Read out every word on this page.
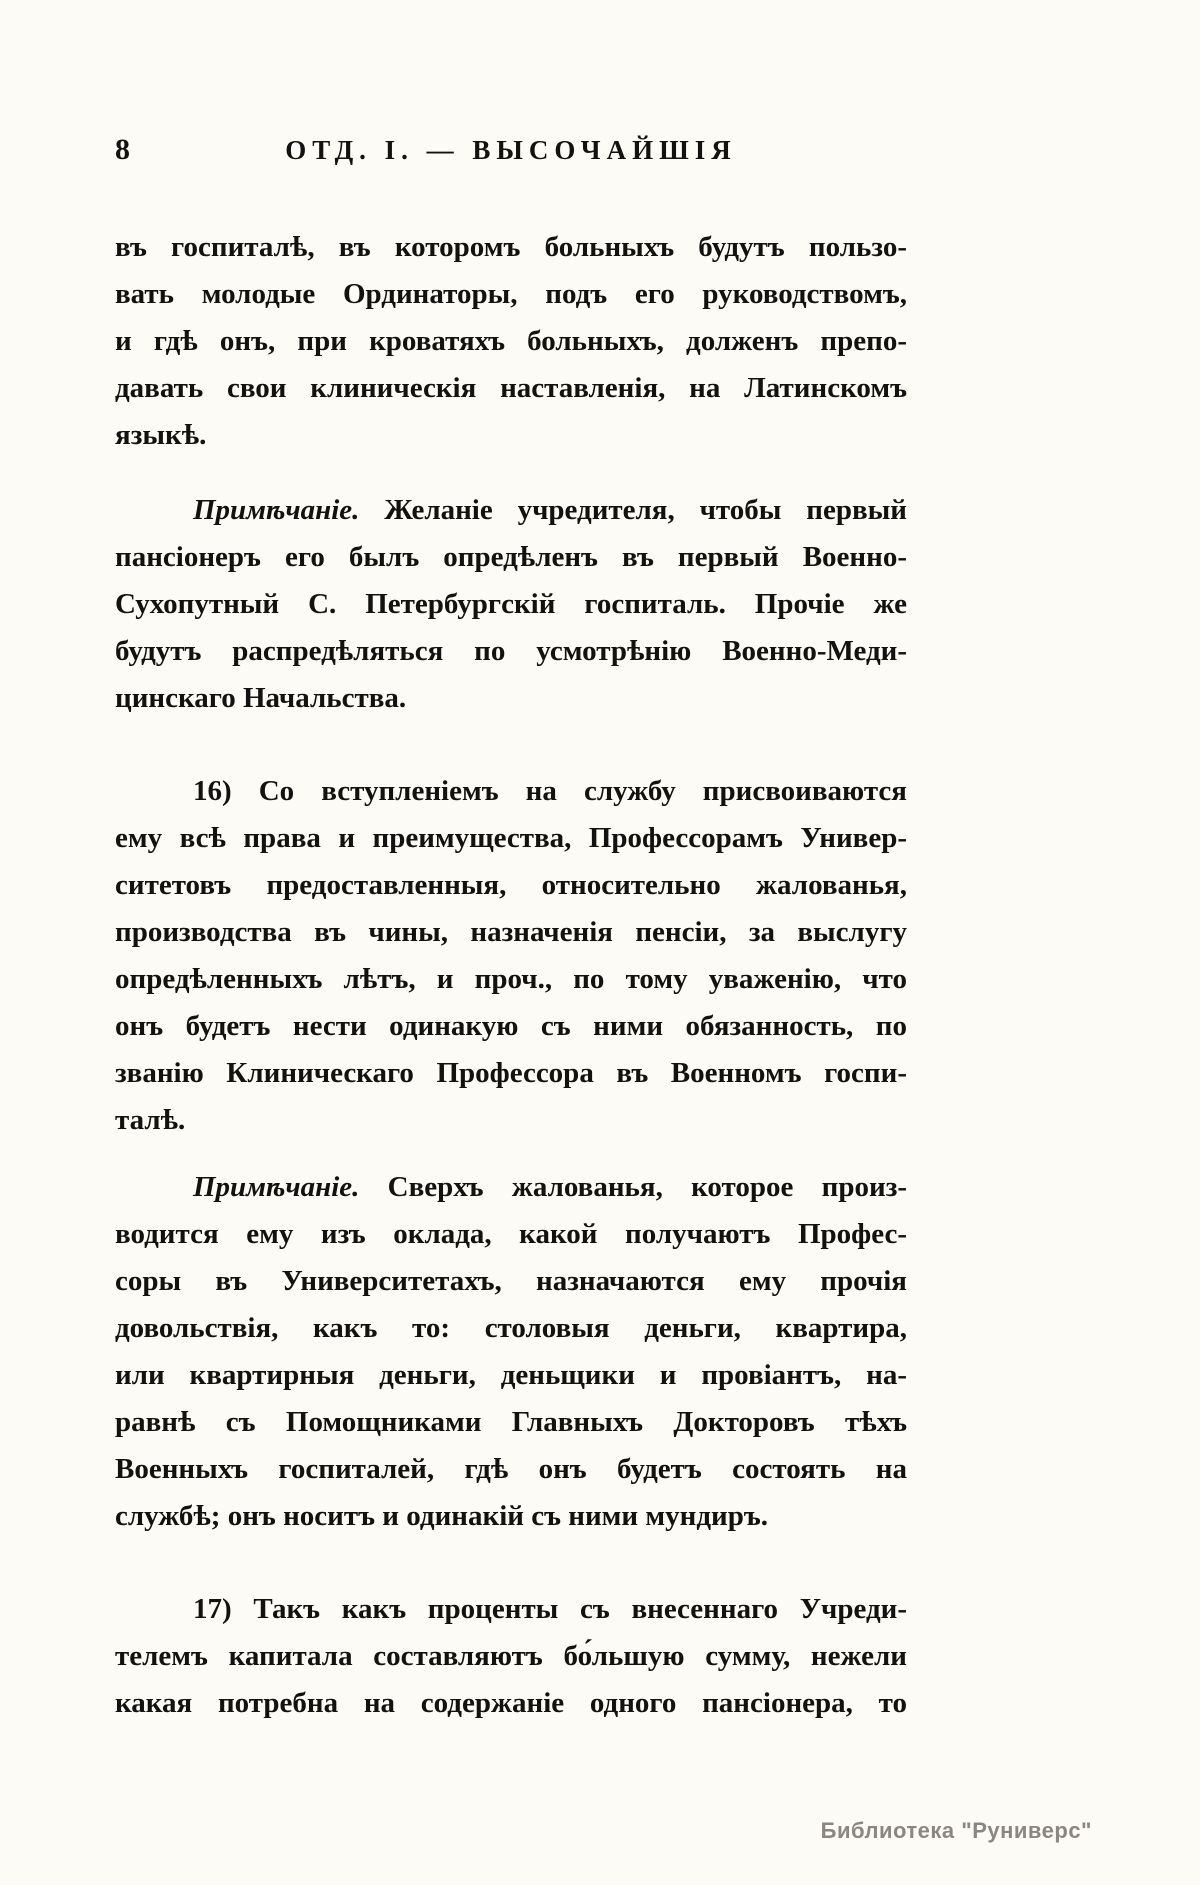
8	ОТД. I. — ВЫСОЧАЙШІЯ

въ госпиталѣ, въ которомъ больныхъ будутъ пользо-
вать молодые Ординаторы, подъ его руководствомъ,
и гдѣ онъ, при кроватяхъ больныхъ, долженъ препо-
давать свои клиническія наставленія, на Латинскомъ
языкѣ.

Примѣчаніе. Желаніе учредителя, чтобы первый
пансіонеръ его былъ опредѣленъ въ первый Военно-
Сухопутный С. Петербургскій госпиталь. Прочіе же
будутъ распредѣляться по усмотрѣнію Военно-Меди-
цинскаго Начальства.

16) Со вступленіемъ на службу присвоиваются
ему всѣ права и преимущества, Профессорамъ Универ-
ситетовъ предоставленныя, относительно жалованья,
производства въ чины, назначенія пенсіи, за выслугу
опредѣленныхъ лѣтъ, и проч., по тому уваженію, что
онъ будетъ нести одинакую съ ними обязанность, по
званію Клиническаго Профессора въ Военномъ госпи-
талѣ.

Примѣчаніе. Сверхъ жалованья, которое произ-
водится ему изъ оклада, какой получаютъ Профес-
соры въ Университетахъ, назначаются ему прочія
довольствія, какъ то: столовыя деньги, квартира,
или квартирныя деньги, деньщики и провіантъ, на-
равнѣ съ Помощниками Главныхъ Докторовъ тѣхъ
Военныхъ госпиталей, гдѣ онъ будетъ состоять на
службѣ; онъ носитъ и одинакій съ ними мундиръ.

17) Такъ какъ проценты съ внесеннаго Учреди-
телемъ капитала составляютъ бо́льшую сумму, нежели
какая потребна на содержаніе одного пансіонера, то

Библиотека "Руниверс"
